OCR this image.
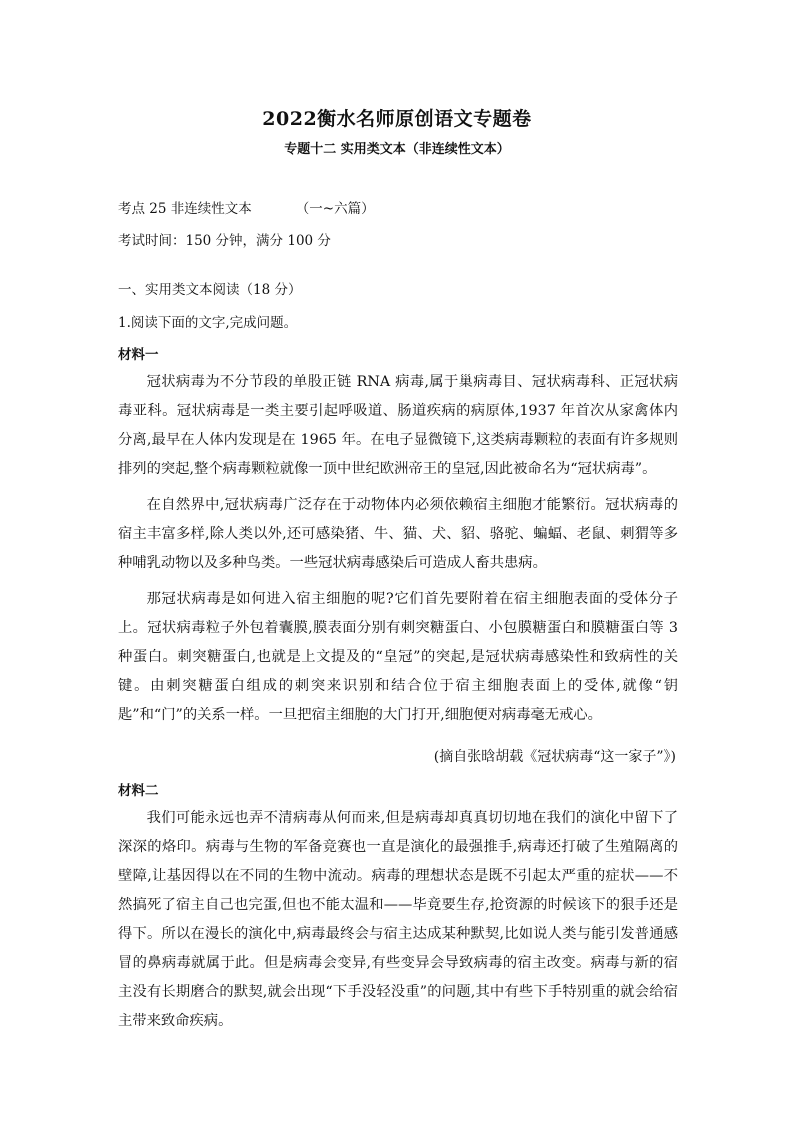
2022衡水名师原创语文专题卷
专题十二 实用类文本（非连续性文本）
考点 25 非连续性文本	（一~六篇）
考试时间：150 分钟，满分 100 分
一、实用类文本阅读（18 分）
1.阅读下面的文字,完成问题。
材料一

冠状病毒为不分节段的单股正链 RNA 病毒,属于巢病毒目、冠状病毒科、正冠状病毒亚科。冠状病毒是一类主要引起呼吸道、肠道疾病的病原体,1937 年首次从家禽体内分离,最早在人体内发现是在 1965 年。在电子显微镜下,这类病毒颗粒的表面有许多规则排列的突起,整个病毒颗粒就像一顶中世纪欧洲帝王的皇冠,因此被命名为“冠状病毒”。

在自然界中,冠状病毒广泛存在于动物体内必须依赖宿主细胞才能繁衍。冠状病毒的宿主丰富多样,除人类以外,还可感染猪、牛、猫、犬、貂、骆驼、蝙蝠、老鼠、刺猬等多种哺乳动物以及多种鸟类。一些冠状病毒感染后可造成人畜共患病。

那冠状病毒是如何进入宿主细胞的呢?它们首先要附着在宿主细胞表面的受体分子上。冠状病毒粒子外包着囊膜,膜表面分别有刺突糖蛋白、小包膜糖蛋白和膜糖蛋白等 3 种蛋白。刺突糖蛋白,也就是上文提及的“皇冠”的突起,是冠状病毒感染性和致病性的关键。由刺突糖蛋白组成的刺突来识别和结合位于宿主细胞表面上的受体,就像“钥匙”和“门”的关系一样。一旦把宿主细胞的大门打开,细胞便对病毒毫无戒心。

(摘自张晗胡载《冠状病毒“这一家子”》)
材料二

我们可能永远也弄不清病毒从何而来,但是病毒却真真切切地在我们的演化中留下了深深的烙印。病毒与生物的军备竞赛也一直是演化的最强推手,病毒还打破了生殖隔离的壁障,让基因得以在不同的生物中流动。病毒的理想状态是既不引起太严重的症状——不然搞死了宿主自己也完蛋,但也不能太温和——毕竟要生存,抢资源的时候该下的狠手还是得下。所以在漫长的演化中,病毒最终会与宿主达成某种默契,比如说人类与能引发普通感冒的鼻病毒就属于此。但是病毒会变异,有些变异会导致病毒的宿主改变。病毒与新的宿主没有长期磨合的默契,就会出现“下手没轻没重”的问题,其中有些下手特别重的就会给宿主带来致命疾病。
